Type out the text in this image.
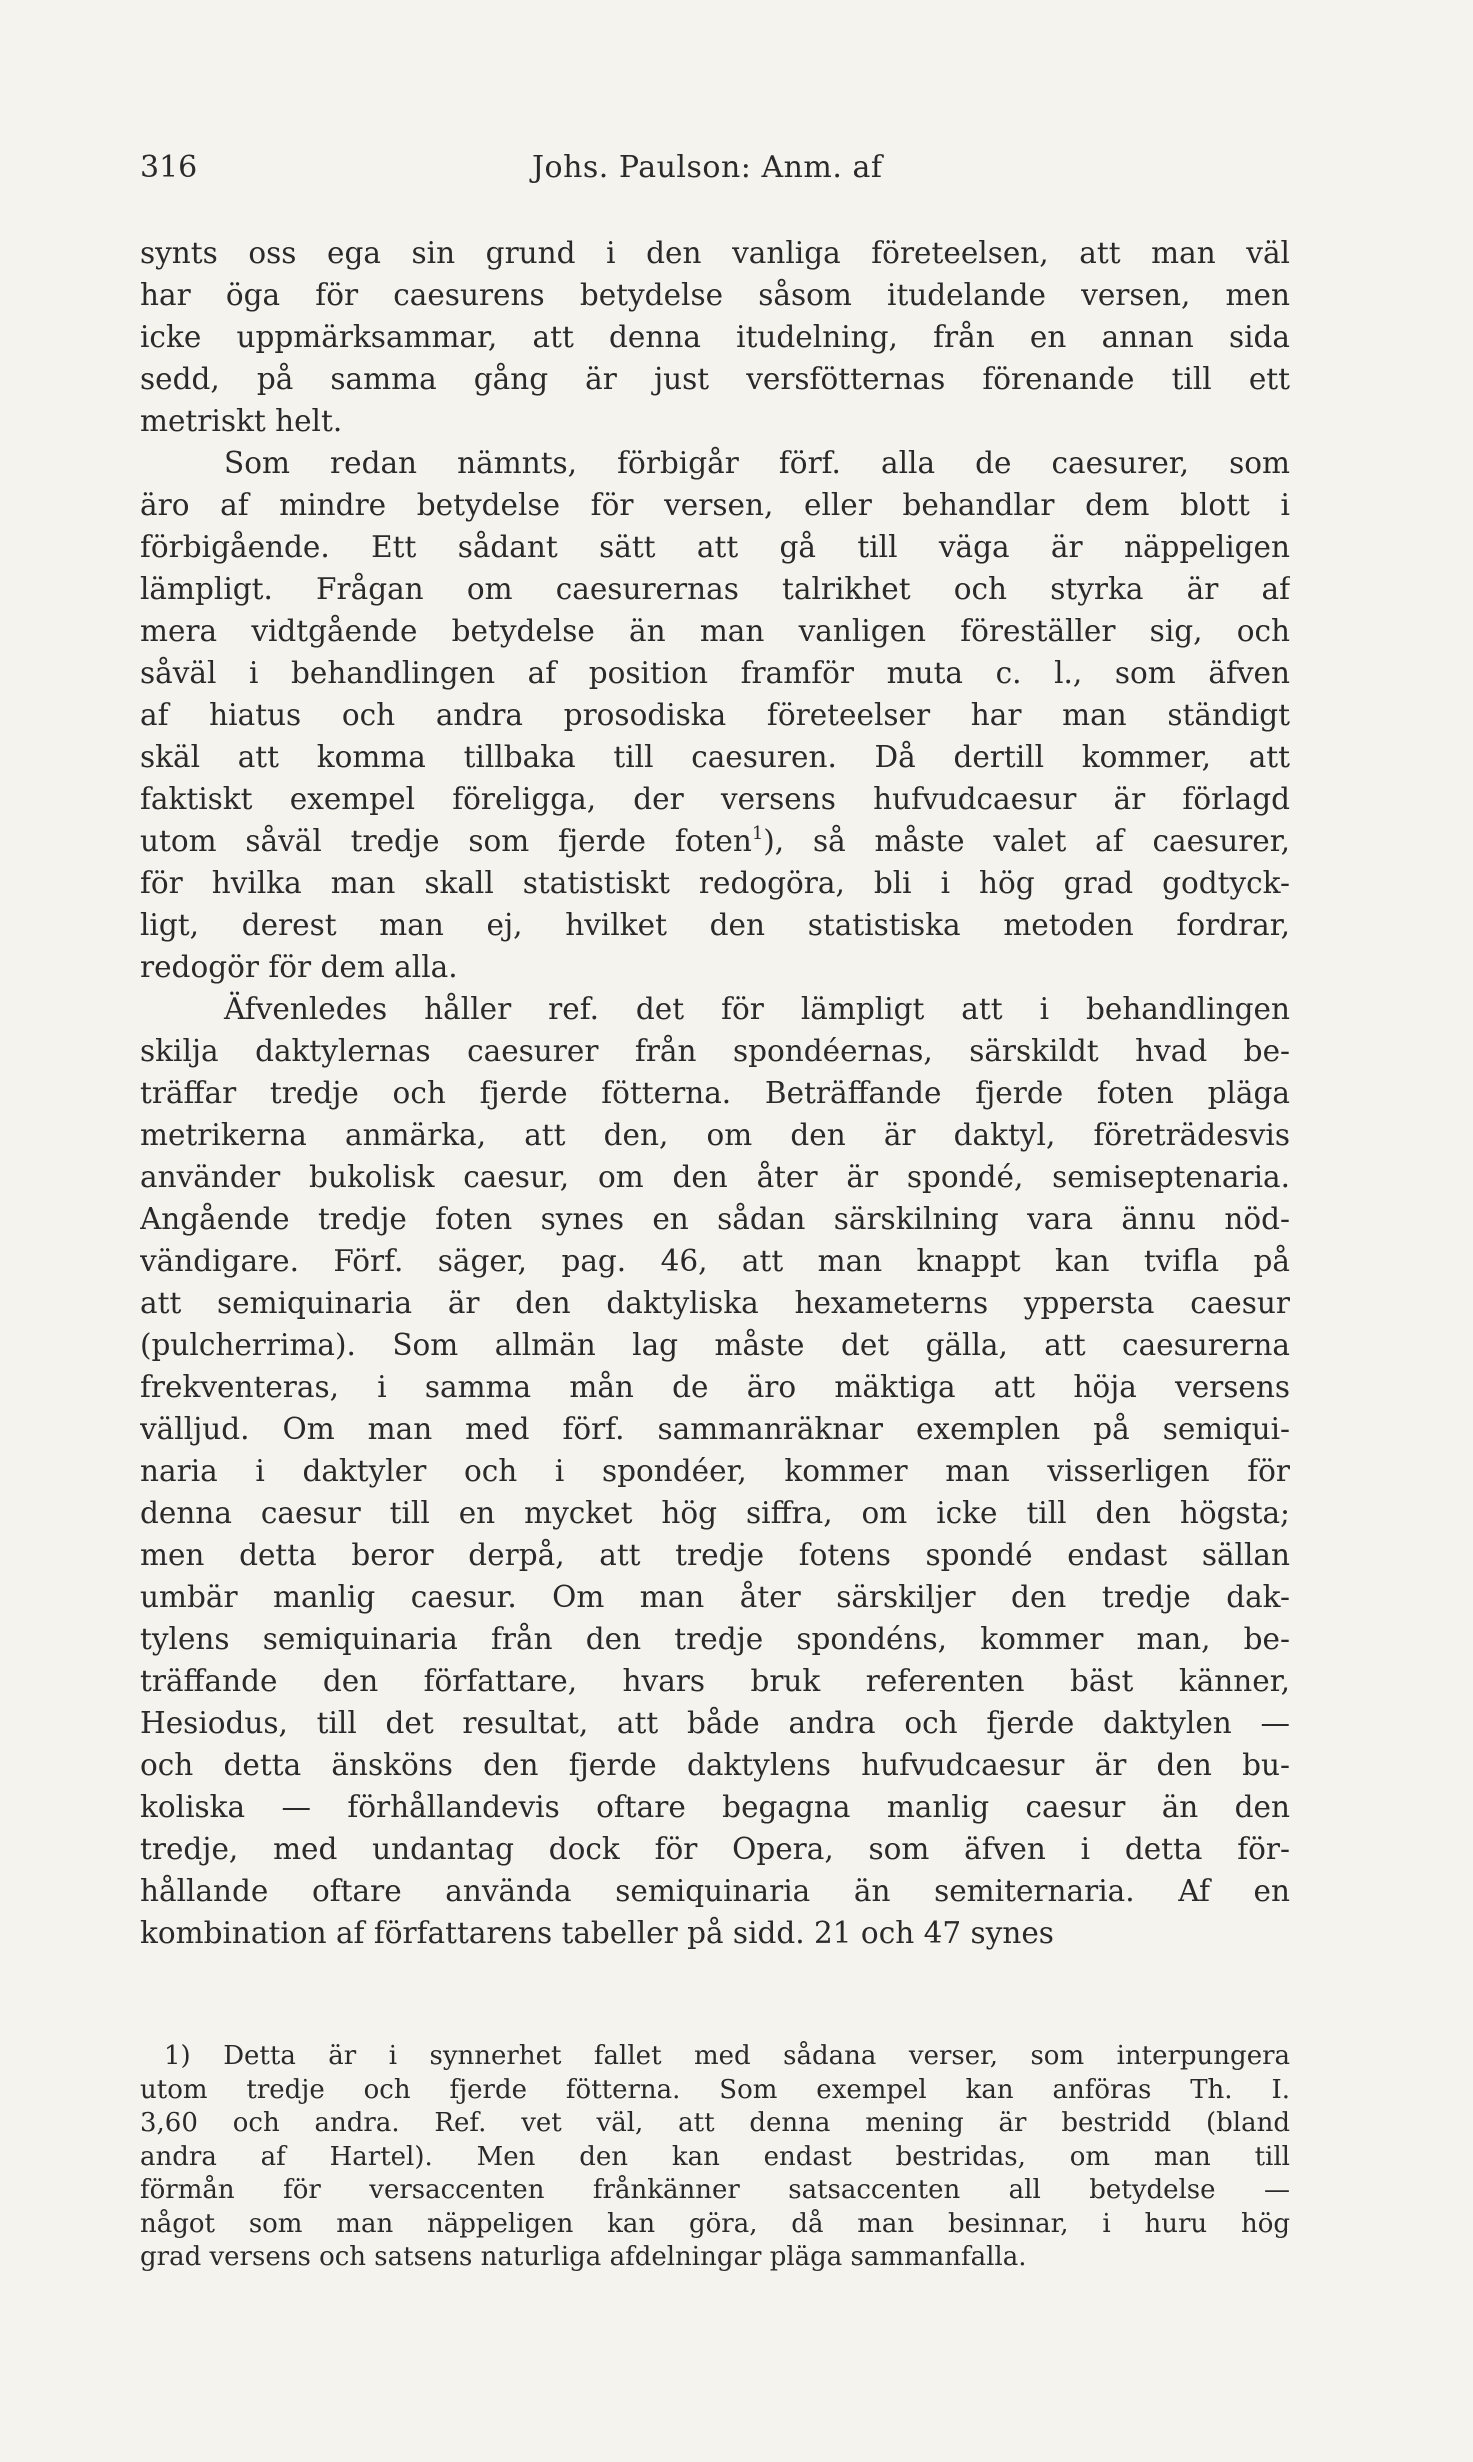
316	Johs. Paulson: Anm. af
synts oss ega sin grund i den vanliga företeelsen, att man väl
har öga för caesurens betydelse såsom itudelande versen, men
icke uppmärksammar, att denna itudelning, från en annan sida
sedd, på samma gång är just versfötternas förenande till ett
metriskt helt.
Som redan nämnts, förbigår förf. alla de caesurer, som
äro af mindre betydelse för versen, eller behandlar dem blott i
förbigående. Ett sådant sätt att gå till väga är näppeligen
lämpligt. Frågan om caesurernas talrikhet och styrka är af
mera vidtgående betydelse än man vanligen föreställer sig, och
såväl i behandlingen af position framför muta c. l., som äfven
af hiatus och andra prosodiska företeelser har man ständigt
skäl att komma tillbaka till caesuren. Då dertill kommer, att
faktiskt exempel föreligga, der versens hufvudcaesur är förlagd
utom såväl tredje som fjerde foten$^1$), så måste valet af caesurer,
för hvilka man skall statistiskt redogöra, bli i hög grad godtyck-
ligt, derest man ej, hvilket den statistiska metoden fordrar,
redogör för dem alla.
Äfvenledes håller ref. det för lämpligt att i behandlingen
skilja daktylernas caesurer från spondéernas, särskildt hvad be-
träffar tredje och fjerde fötterna. Beträffande fjerde foten pläga
metrikerna anmärka, att den, om den är daktyl, företrädesvis
använder bukolisk caesur, om den åter är spondé, semiseptenaria.
Angående tredje foten synes en sådan särskilning vara ännu nöd-
vändigare. Förf. säger, pag. 46, att man knappt kan tvifla på
att semiquinaria är den daktyliska hexameterns yppersta caesur
(pulcherrima). Som allmän lag måste det gälla, att caesurerna
frekventeras, i samma mån de äro mäktiga att höja versens
välljud. Om man med förf. sammanräknar exemplen på semiqui-
naria i daktyler och i spondéer, kommer man visserligen för
denna caesur till en mycket hög siffra, om icke till den högsta;
men detta beror derpå, att tredje fotens spondé endast sällan
umbär manlig caesur. Om man åter särskiljer den tredje dak-
tylens semiquinaria från den tredje spondéns, kommer man, be-
träffande den författare, hvars bruk referenten bäst känner,
Hesiodus, till det resultat, att både andra och fjerde daktylen —
och detta änsköns den fjerde daktylens hufvudcaesur är den bu-
koliska — förhållandevis oftare begagna manlig caesur än den
tredje, med undantag dock för Opera, som äfven i detta för-
hållande oftare använda semiquinaria än semiternaria. Af en
kombination af författarens tabeller på sidd. 21 och 47 synes
1) Detta är i synnerhet fallet med sådana verser, som interpungera
utom tredje och fjerde fötterna. Som exempel kan anföras Th. I.
3,60 och andra. Ref. vet väl, att denna mening är bestridd (bland
andra af Hartel). Men den kan endast bestridas, om man till
förmån för versaccenten frånkänner satsaccenten all betydelse —
något som man näppeligen kan göra, då man besinnar, i huru hög
grad versens och satsens naturliga afdelningar pläga sammanfalla.
